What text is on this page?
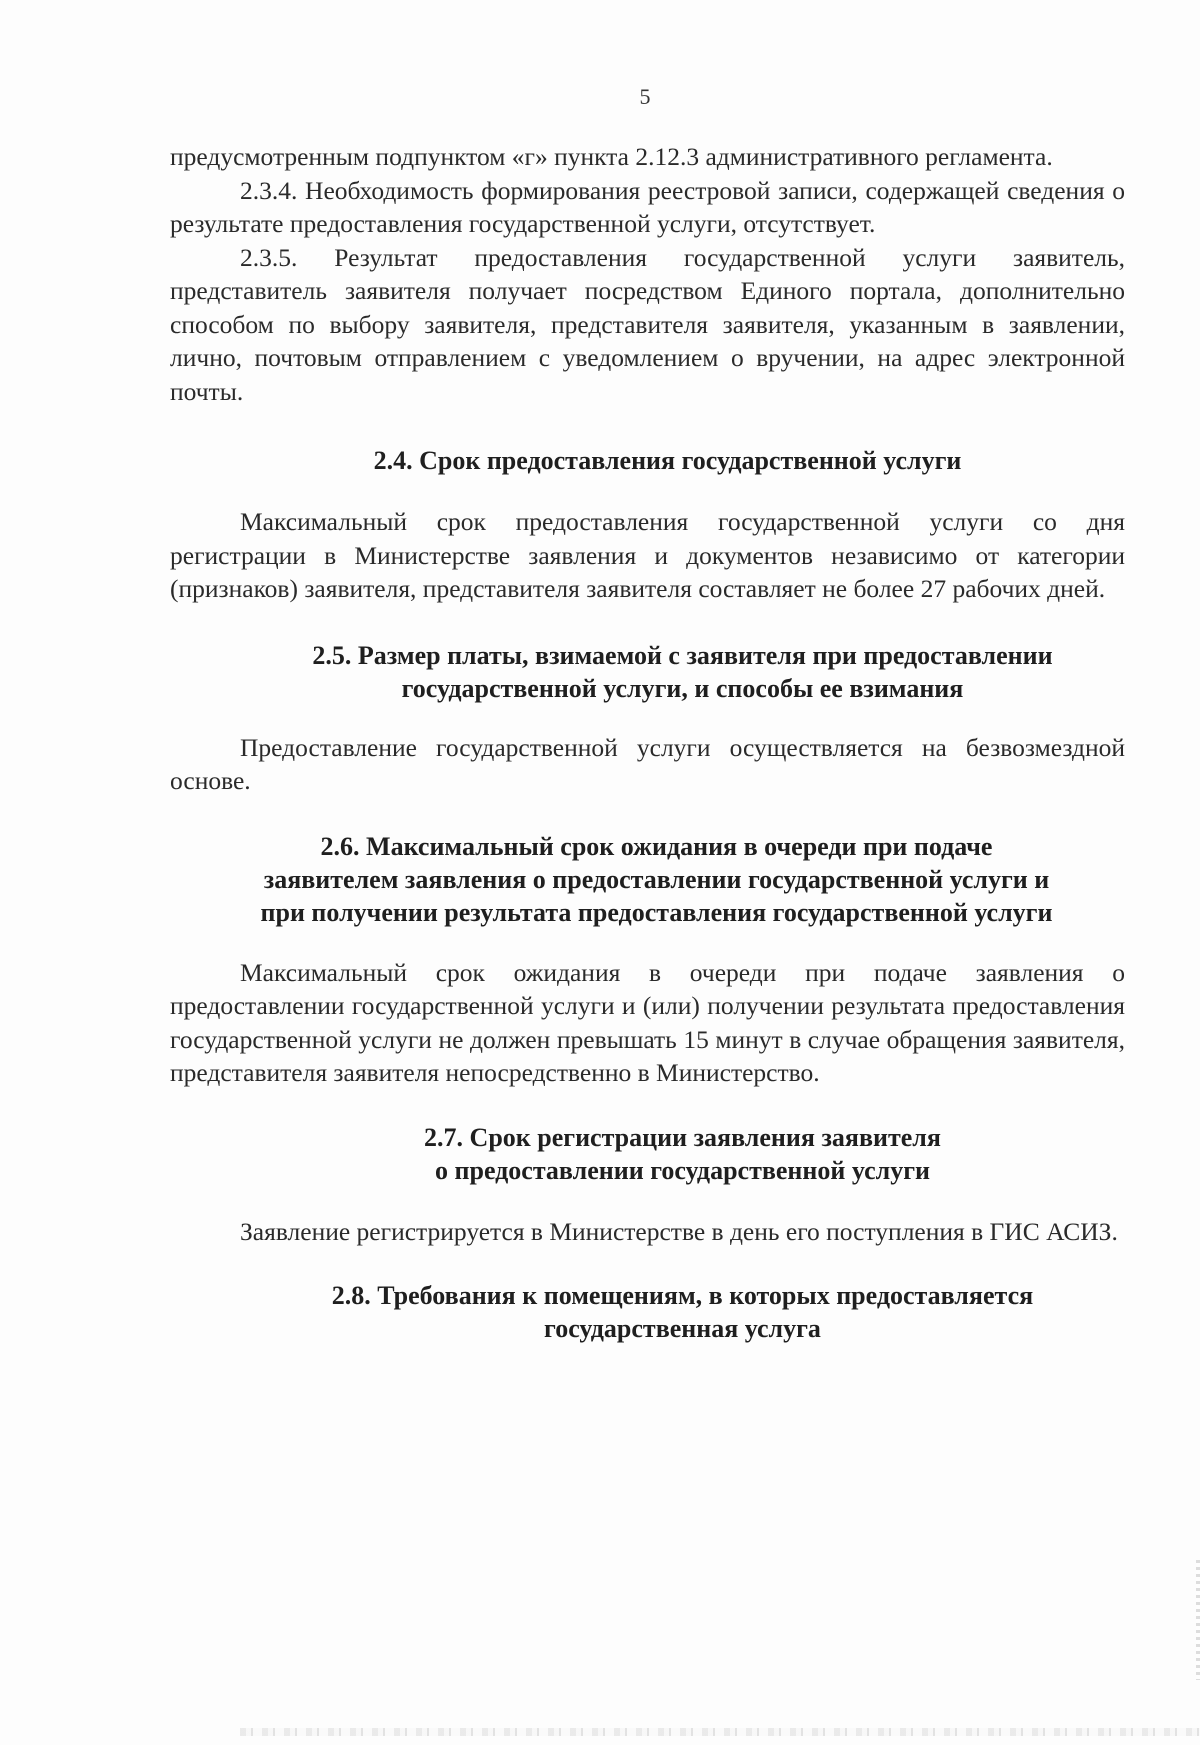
5

предусмотренным подпунктом «г» пункта 2.12.3 административного регламента.

2.3.4. Необходимость формирования реестровой записи, содержащей сведения о результате предоставления государственной услуги, отсутствует.

2.3.5. Результат предоставления государственной услуги заявитель, представитель заявителя получает посредством Единого портала, дополнительно способом по выбору заявителя, представителя заявителя, указанным в заявлении, лично, почтовым отправлением с уведомлением о вручении, на адрес электронной почты.

2.4. Срок предоставления государственной услуги

Максимальный срок предоставления государственной услуги со дня регистрации в Министерстве заявления и документов независимо от категории (признаков) заявителя, представителя заявителя составляет не более 27 рабочих дней.

2.5. Размер платы, взимаемой с заявителя при предоставлении
государственной услуги, и способы ее взимания

Предоставление государственной услуги осуществляется на безвозмездной основе.

2.6. Максимальный срок ожидания в очереди при подаче
заявителем заявления о предоставлении государственной услуги и
при получении результата предоставления государственной услуги

Максимальный срок ожидания в очереди при подаче заявления о предоставлении государственной услуги и (или) получении результата предоставления государственной услуги не должен превышать 15 минут в случае обращения заявителя, представителя заявителя непосредственно в Министерство.

2.7. Срок регистрации заявления заявителя
о предоставлении государственной услуги

Заявление регистрируется в Министерстве в день его поступления в ГИС АСИЗ.

2.8. Требования к помещениям, в которых предоставляется
государственная услуга
